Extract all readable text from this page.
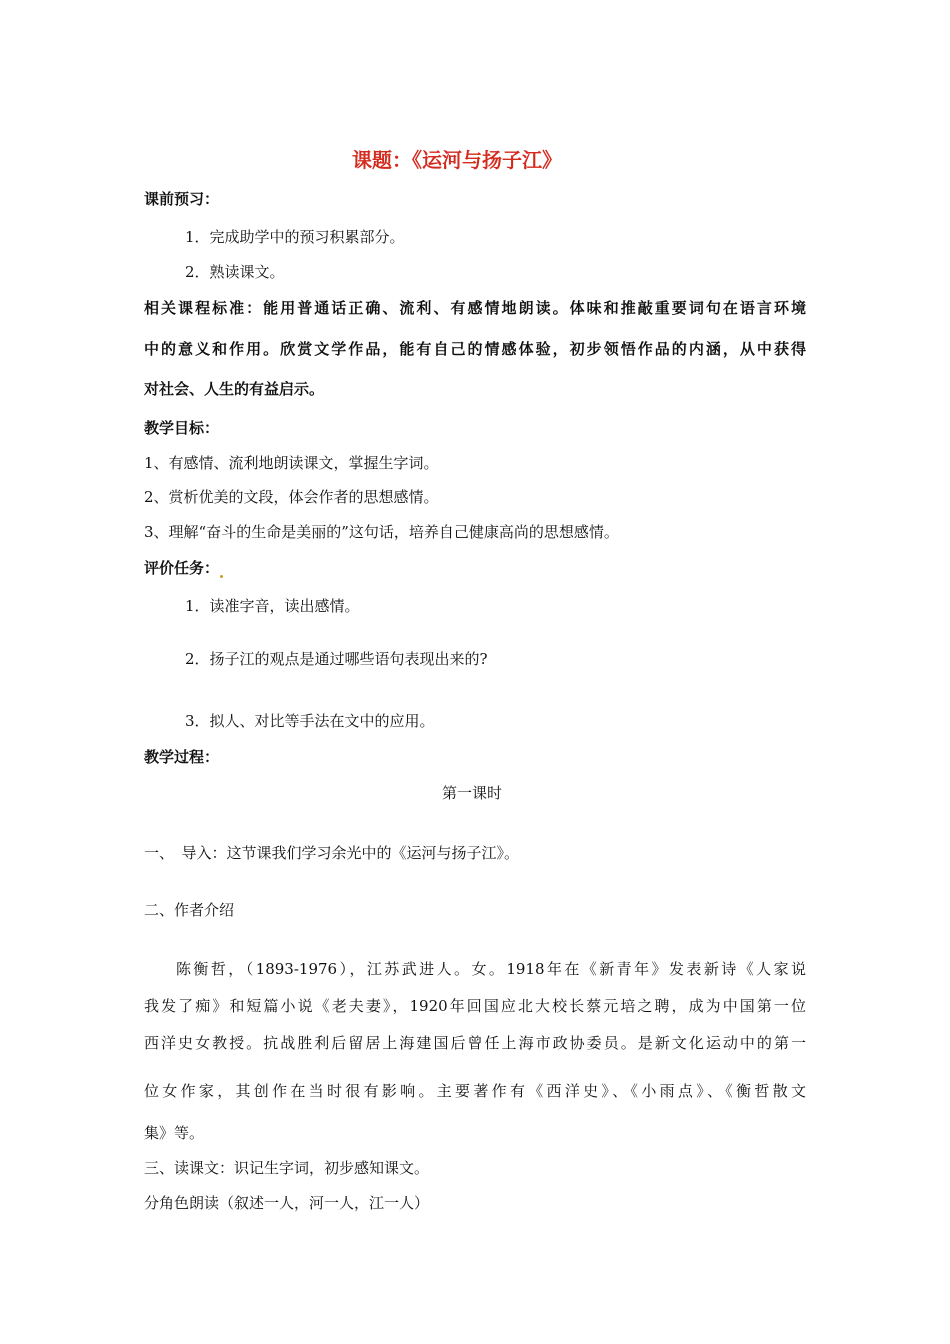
课题：《运河与扬子江》
课前预习：
1．完成助学中的预习积累部分。
2．熟读课文。
相关课程标准：能用普通话正确、流利、有感情地朗读。体味和推敲重要词句在语言环境
中的意义和作用。欣赏文学作品，能有自己的情感体验，初步领悟作品的内涵，从中获得
对社会、人生的有益启示。
教学目标：
1、有感情、流利地朗读课文，掌握生字词。
2、赏析优美的文段，体会作者的思想感情。
3、理解“奋斗的生命是美丽的”这句话，培养自己健康高尚的思想感情。
评价任务：
1．读准字音，读出感情。
2．扬子江的观点是通过哪些语句表现出来的?
3．拟人、对比等手法在文中的应用。
教学过程：
第一课时
一、　导入：这节课我们学习余光中的《运河与扬子江》。
二、作者介绍
陈衡哲，（1893-1976），江苏武进人。女。1918年在《新青年》发表新诗《人家说
我发了痴》和短篇小说《老夫妻》，1920年回国应北大校长蔡元培之聘，成为中国第一位
西洋史女教授。抗战胜利后留居上海建国后曾任上海市政协委员。是新文化运动中的第一
位女作家，其创作在当时很有影响。主要著作有《西洋史》、《小雨点》、《衡哲散文
集》等。
三、读课文：识记生字词，初步感知课文。
分角色朗读（叙述一人，河一人，江一人）
